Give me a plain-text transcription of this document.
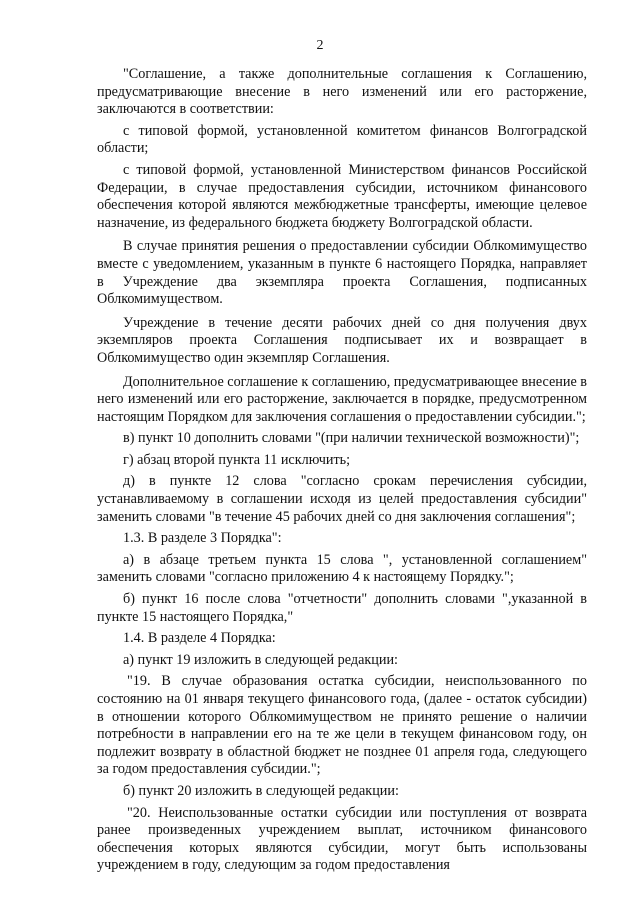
2

"Соглашение, а также дополнительные соглашения к Соглашению, предусматривающие внесение в него изменений или его расторжение, заключаются в соответствии:

с типовой формой, установленной комитетом финансов Волгоградской области;

с типовой формой, установленной Министерством финансов Российской Федерации, в случае предоставления субсидии, источником финансового обеспечения которой являются межбюджетные трансферты, имеющие целевое назначение, из федерального бюджета бюджету Волгоградской области.

В случае принятия решения о предоставлении субсидии Облкомимущество вместе с уведомлением, указанным в пункте 6 настоящего Порядка, направляет в Учреждение два экземпляра проекта Соглашения, подписанных Облкомимуществом.

Учреждение в течение десяти рабочих дней со дня получения двух экземпляров проекта Соглашения подписывает их и возвращает в Облкомимущество один экземпляр Соглашения.

Дополнительное соглашение к соглашению, предусматривающее внесение в него изменений или его расторжение, заключается в порядке, предусмотренном настоящим Порядком для заключения соглашения о предоставлении субсидии.";

в) пункт 10 дополнить словами "(при наличии технической возможности)";

г) абзац второй пункта 11 исключить;

д) в пункте 12 слова "согласно срокам перечисления субсидии, устанавливаемому в соглашении исходя из целей предоставления субсидии" заменить словами "в течение 45 рабочих дней со дня заключения соглашения";

1.3. В разделе 3 Порядка":

а) в абзаце третьем пункта 15 слова ", установленной соглашением" заменить словами "согласно приложению 4 к настоящему Порядку.";

б) пункт 16 после слова "отчетности" дополнить словами ",указанной в пункте 15 настоящего Порядка,"

1.4. В разделе 4 Порядка:

а) пункт 19 изложить в следующей редакции:

"19. В случае образования остатка субсидии, неиспользованного по состоянию на 01 января текущего финансового года, (далее - остаток субсидии) в отношении которого Облкомимуществом не принято решение о наличии потребности в направлении его на те же цели в текущем финансовом году, он подлежит возврату в областной бюджет не позднее 01 апреля года, следующего за годом предоставления субсидии.";

б) пункт 20 изложить в следующей редакции:

"20. Неиспользованные остатки субсидии или поступления от возврата ранее произведенных учреждением выплат, источником финансового обеспечения которых являются субсидии, могут быть использованы учреждением в году, следующим за годом предоставления
